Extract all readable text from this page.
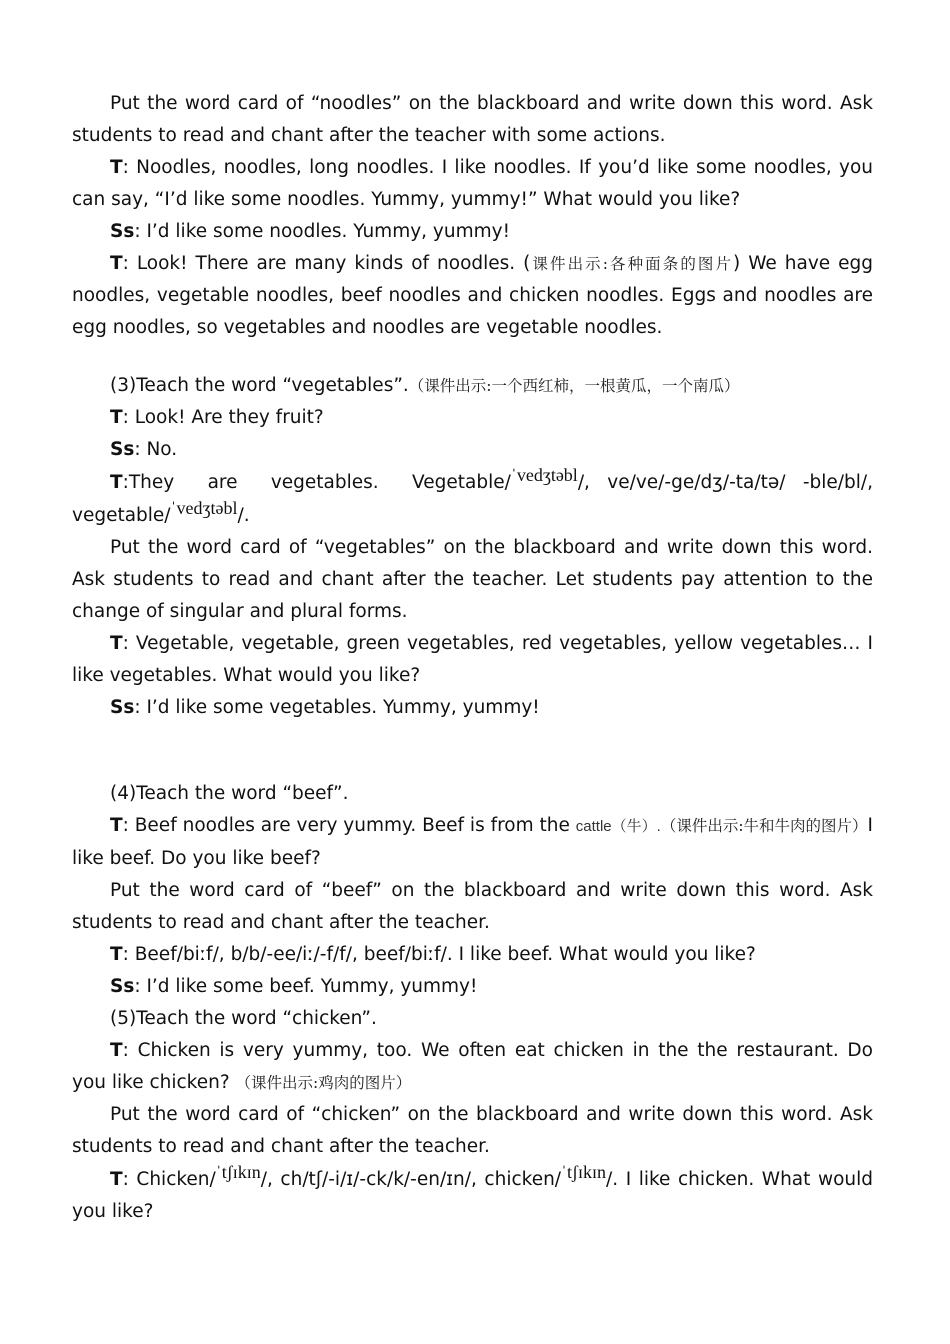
Put the word card of “noodles” on the blackboard and write down this word. Ask students to read and chant after the teacher with some actions.

T: Noodles, noodles, long noodles. I like noodles. If you’d like some noodles, you can say, “I’d like some noodles. Yummy, yummy!” What would you like?

Ss: I’d like some noodles. Yummy, yummy!

T: Look! There are many kinds of noodles. (课件出示:各种面条的图片) We have egg noodles, vegetable noodles, beef noodles and chicken noodles. Eggs and noodles are egg noodles, so vegetables and noodles are vegetable noodles.

(3)Teach the word “vegetables”.（课件出示:一个西红柿，一根黄瓜，一个南瓜）

T: Look! Are they fruit?

Ss: No.

T:They are vegetables. Vegetable/ˈvedʒtəbl/, ve/ve/-ge/dʒ/-ta/tə/ -ble/bl/, vegetable/ˈvedʒtəbl/.

Put the word card of “vegetables” on the blackboard and write down this word. Ask students to read and chant after the teacher. Let students pay attention to the change of singular and plural forms.

T: Vegetable, vegetable, green vegetables, red vegetables, yellow vegetables… I like vegetables. What would you like?

Ss: I’d like some vegetables. Yummy, yummy!

(4)Teach the word “beef”.

T: Beef noodles are very yummy. Beef is from the cattle（牛）.（课件出示:牛和牛肉的图片）I like beef. Do you like beef?

Put the word card of “beef” on the blackboard and write down this word. Ask students to read and chant after the teacher.

T: Beef/biːf/, b/b/-ee/iː/-f/f/, beef/biːf/. I like beef. What would you like?

Ss: I’d like some beef. Yummy, yummy!

(5)Teach the word “chicken”.

T: Chicken is very yummy, too. We often eat chicken in the the restaurant. Do you like chicken? （课件出示:鸡肉的图片）

Put the word card of “chicken” on the blackboard and write down this word. Ask students to read and chant after the teacher.

T: Chicken/ˈtʃɪkɪn/, ch/tʃ/-i/ɪ/-ck/k/-en/ɪn/, chicken/ˈtʃɪkɪn/. I like chicken. What would you like?
